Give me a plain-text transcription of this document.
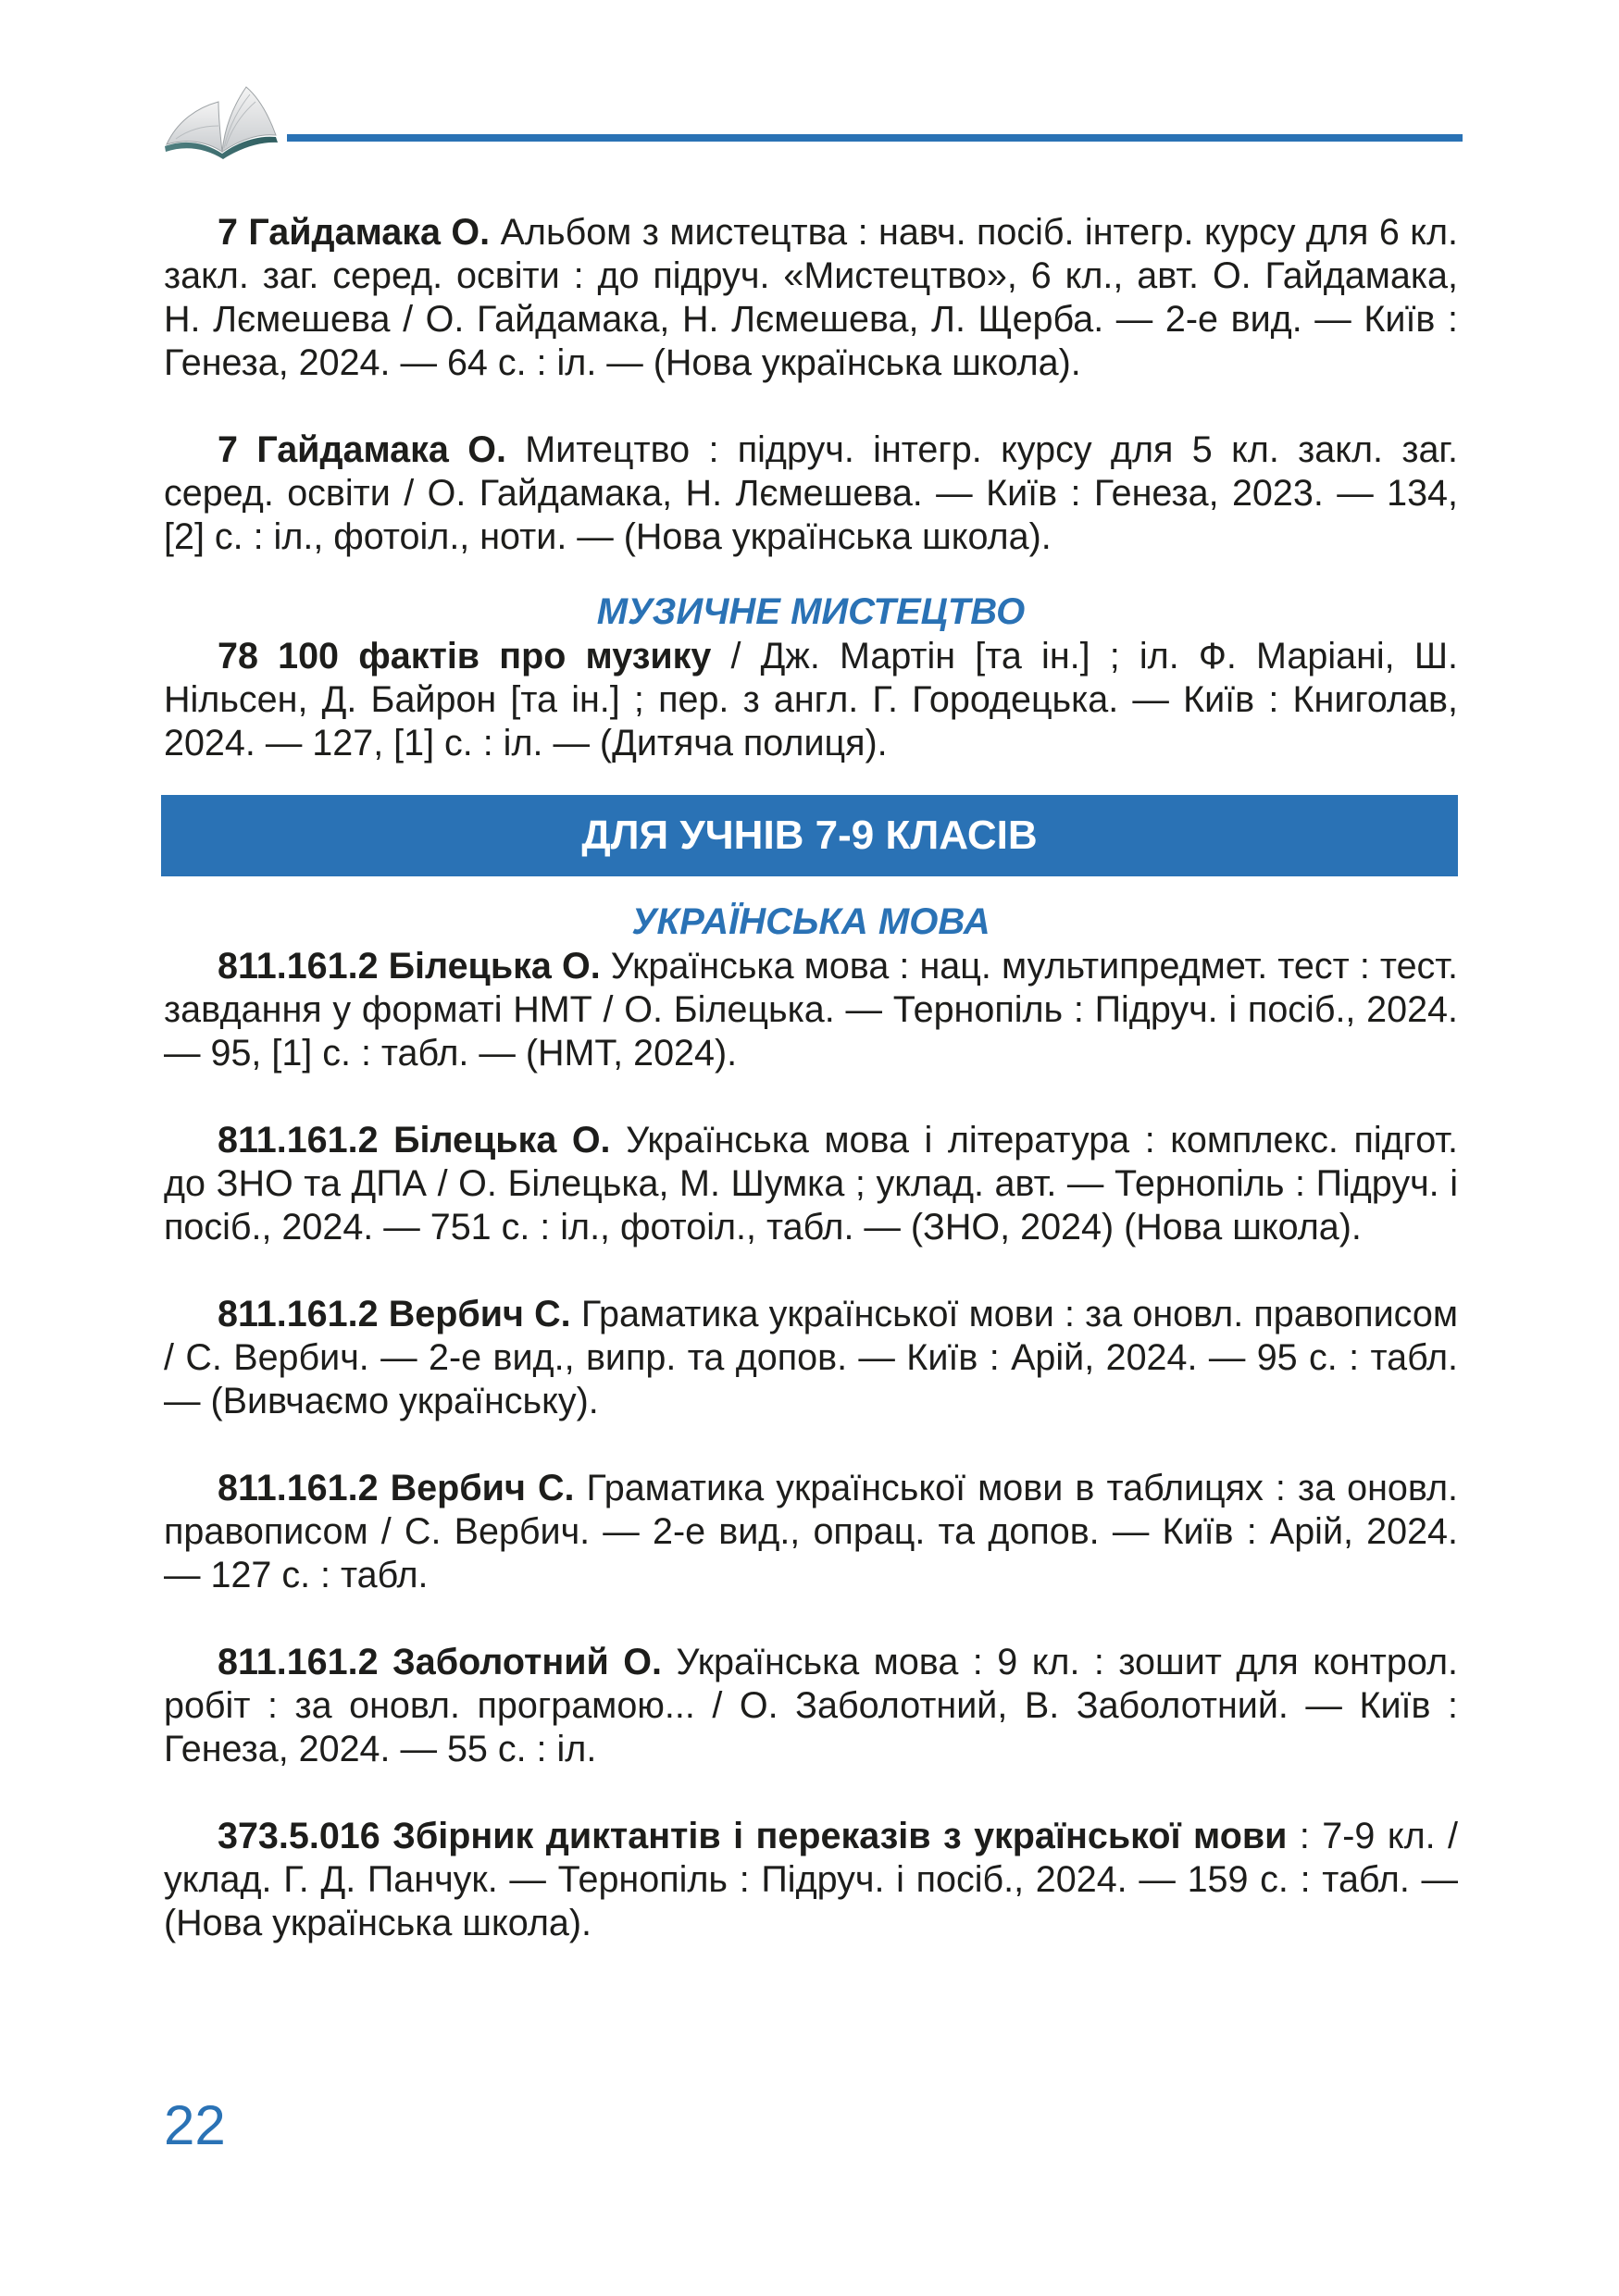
7 Гайдамака О. Альбом з мистецтва : навч. посіб. інтегр. курсу для 6 кл. закл. заг. серед. освіти : до підруч. «Мистецтво», 6 кл., авт. О. Гайдамака, Н. Лємешева / О. Гайдамака, Н. Лємешева, Л. Щерба. — 2-е вид. — Київ : Генеза, 2024. — 64 с. : іл. — (Нова українська школа).

7 Гайдамака О. Митецтво : підруч. інтегр. курсу для 5 кл. закл. заг. серед. освіти / О. Гайдамака, Н. Лємешева. — Київ : Генеза, 2023. — 134, [2] с. : іл., фотоіл., ноти. — (Нова українська школа).

МУЗИЧНЕ МИСТЕЦТВО

78 100 фактів про музику / Дж. Мартін [та ін.] ; іл. Ф. Маріані, Ш. Нільсен, Д. Байрон [та ін.] ; пер. з англ. Г. Городецька. — Київ : Книголав, 2024. — 127, [1] с. : іл. — (Дитяча полиця).

ДЛЯ УЧНІВ 7-9 КЛАСІВ
УКРАЇНСЬКА МОВА

811.161.2 Білецька О. Українська мова : нац. мультипредмет. тест : тест. завдання у форматі НМТ / О. Білецька. — Тернопіль : Підруч. і посіб., 2024. — 95, [1] с. : табл. — (НМТ, 2024).

811.161.2 Білецька О. Українська мова і література : комплекс. підгот. до ЗНО та ДПА / О. Білецька, М. Шумка ; уклад. авт. — Тернопіль : Підруч. і посіб., 2024. — 751 с. : іл., фотоіл., табл. — (ЗНО, 2024) (Нова школа).

811.161.2 Вербич С. Граматика української мови : за оновл. правописом / С. Вербич. — 2-е вид., випр. та допов. — Київ : Арій, 2024. — 95 с. : табл. — (Вивчаємо українську).

811.161.2 Вербич С. Граматика української мови в таблицях : за оновл. правописом / С. Вербич. — 2-е вид., опрац. та допов. — Київ : Арій, 2024. — 127 с. : табл.

811.161.2 Заболотний О. Українська мова : 9 кл. : зошит для контрол. робіт : за оновл. програмою... / О. Заболотний, В. Заболотний. — Київ : Генеза, 2024. — 55 с. : іл.

373.5.016 Збірник диктантів і переказів з української мови : 7-9 кл. / уклад. Г. Д. Панчук. — Тернопіль : Підруч. і посіб., 2024. — 159 с. : табл. — (Нова українська школа).

22
